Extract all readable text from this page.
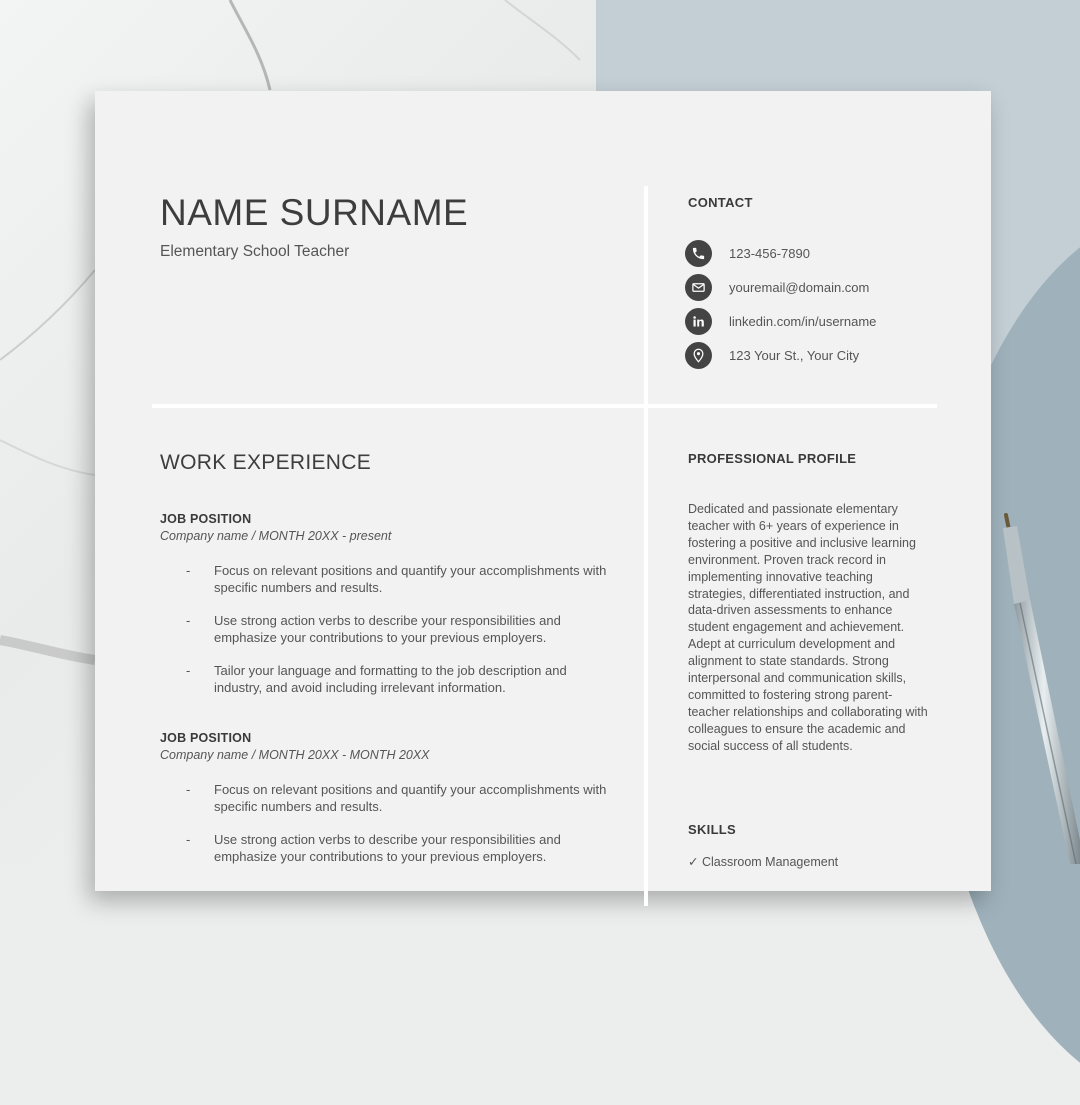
NAME SURNAME
Elementary School Teacher
CONTACT
123-456-7890
youremail@domain.com
linkedin.com/in/username
123 Your St., Your City
WORK EXPERIENCE
JOB POSITION
Company name / MONTH 20XX - present
- Focus on relevant positions and quantify your accomplishments with specific numbers and results.
- Use strong action verbs to describe your responsibilities and emphasize your contributions to your previous employers.
- Tailor your language and formatting to the job description and industry, and avoid including irrelevant information.
JOB POSITION
Company name / MONTH 20XX - MONTH 20XX
- Focus on relevant positions and quantify your accomplishments with specific numbers and results.
- Use strong action verbs to describe your responsibilities and emphasize your contributions to your previous employers.
PROFESSIONAL PROFILE

Dedicated and passionate elementary teacher with 6+ years of experience in fostering a positive and inclusive learning environment. Proven track record in implementing innovative teaching strategies, differentiated instruction, and data-driven assessments to enhance student engagement and achievement. Adept at curriculum development and alignment to state standards. Strong interpersonal and communication skills, committed to fostering strong parent-teacher relationships and collaborating with colleagues to ensure the academic and social success of all students.

SKILLS
✓ Classroom Management
